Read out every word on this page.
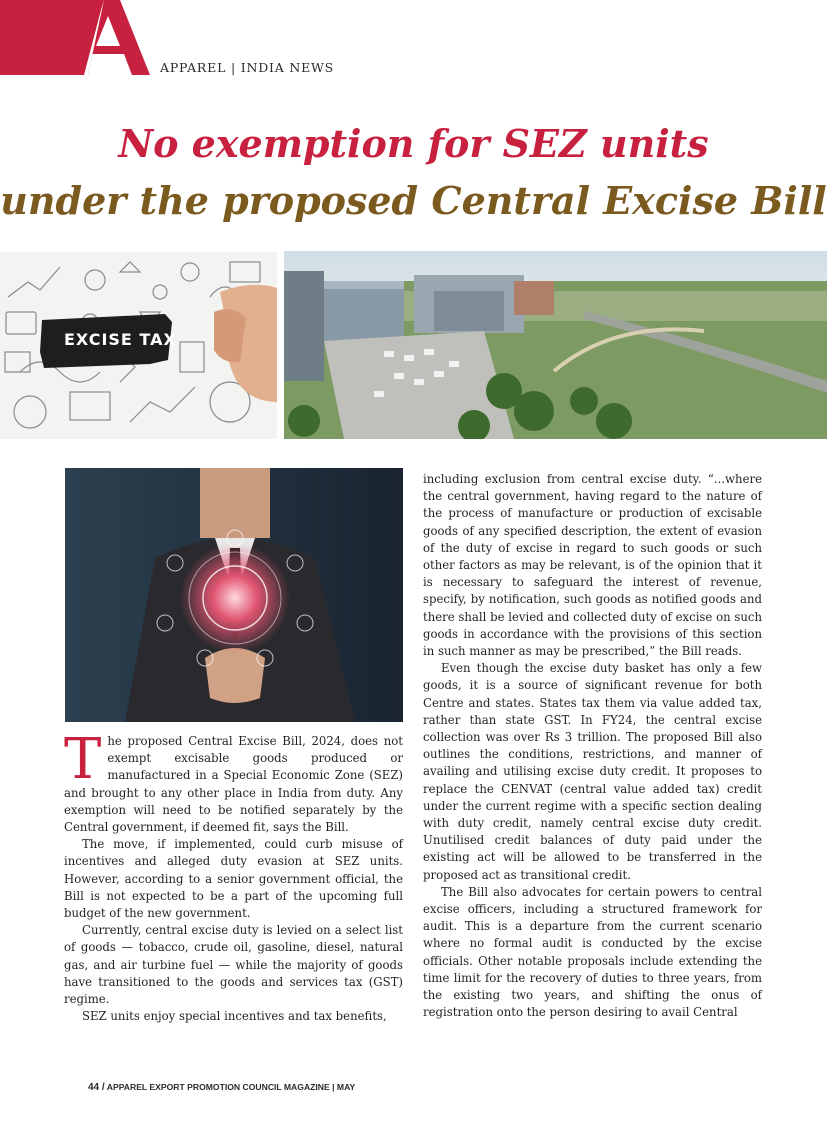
APPAREL | INDIA NEWS
No exemption for SEZ units
under the proposed Central Excise Bill
EXCISE TAX

The proposed Central Excise Bill, 2024, does not exempt excisable goods produced or manufactured in a Special Economic Zone (SEZ) and brought to any other place in India from duty. Any exemption will need to be notified separately by the Central government, if deemed fit, says the Bill.

The move, if implemented, could curb misuse of incentives and alleged duty evasion at SEZ units. However, according to a senior government official, the Bill is not expected to be a part of the upcoming full budget of the new government.

Currently, central excise duty is levied on a select list of goods — tobacco, crude oil, gasoline, diesel, natural gas, and air turbine fuel — while the majority of goods have transitioned to the goods and services tax (GST) regime.

SEZ units enjoy special incentives and tax benefits,

including exclusion from central excise duty. “...where the central government, having regard to the nature of the process of manufacture or production of excisable goods of any specified description, the extent of evasion of the duty of excise in regard to such goods or such other factors as may be relevant, is of the opinion that it is necessary to safeguard the interest of revenue, specify, by notification, such goods as notified goods and there shall be levied and collected duty of excise on such goods in accordance with the provisions of this section in such manner as may be prescribed,” the Bill reads.

Even though the excise duty basket has only a few goods, it is a source of significant revenue for both Centre and states. States tax them via value added tax, rather than state GST. In FY24, the central excise collection was over Rs 3 trillion. The proposed Bill also outlines the conditions, restrictions, and manner of availing and utilising excise duty credit. It proposes to replace the CENVAT (central value added tax) credit under the current regime with a specific section dealing with duty credit, namely central excise duty credit. Unutilised credit balances of duty paid under the existing act will be allowed to be transferred in the proposed act as transitional credit.

The Bill also advocates for certain powers to central excise officers, including a structured framework for audit. This is a departure from the current scenario where no formal audit is conducted by the excise officials. Other notable proposals include extending the time limit for the recovery of duties to three years, from the existing two years, and shifting the onus of registration onto the person desiring to avail Central

44 / APPAREL EXPORT PROMOTION COUNCIL MAGAZINE | MAY
